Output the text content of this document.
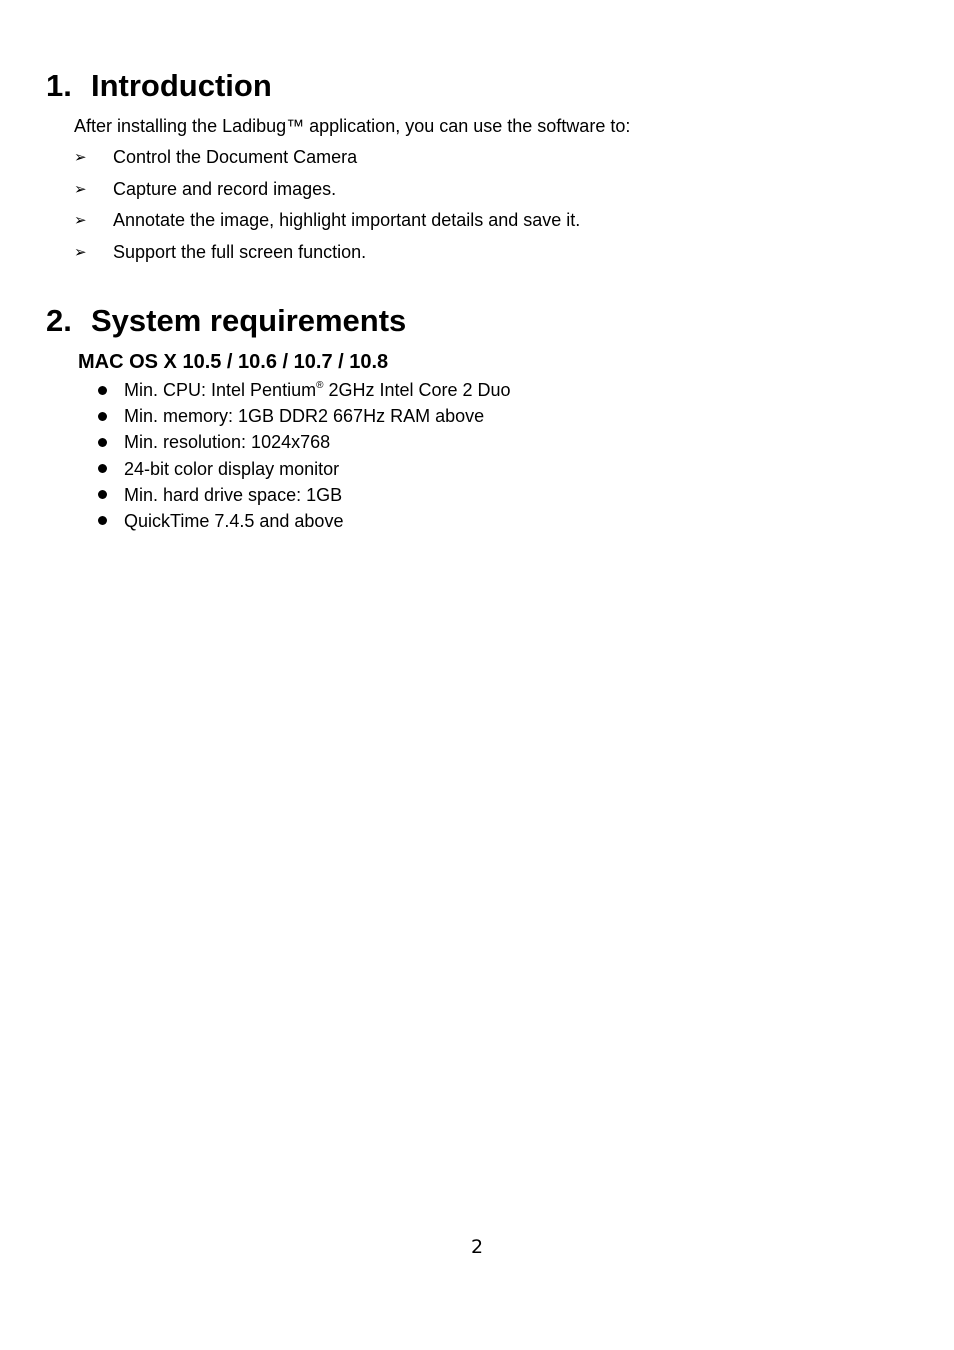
1. Introduction
After installing the Ladibug™ application, you can use the software to:
➢	Control the Document Camera
➢	Capture and record images.
➢	Annotate the image, highlight important details and save it.
➢	Support the full screen function.
2. System requirements
MAC OS X 10.5 / 10.6 / 10.7 / 10.8
Min. CPU: Intel Pentium® 2GHz Intel Core 2 Duo
Min. memory: 1GB DDR2 667Hz RAM above
Min. resolution: 1024x768
24-bit color display monitor
Min. hard drive space: 1GB
QuickTime 7.4.5 and above
2
